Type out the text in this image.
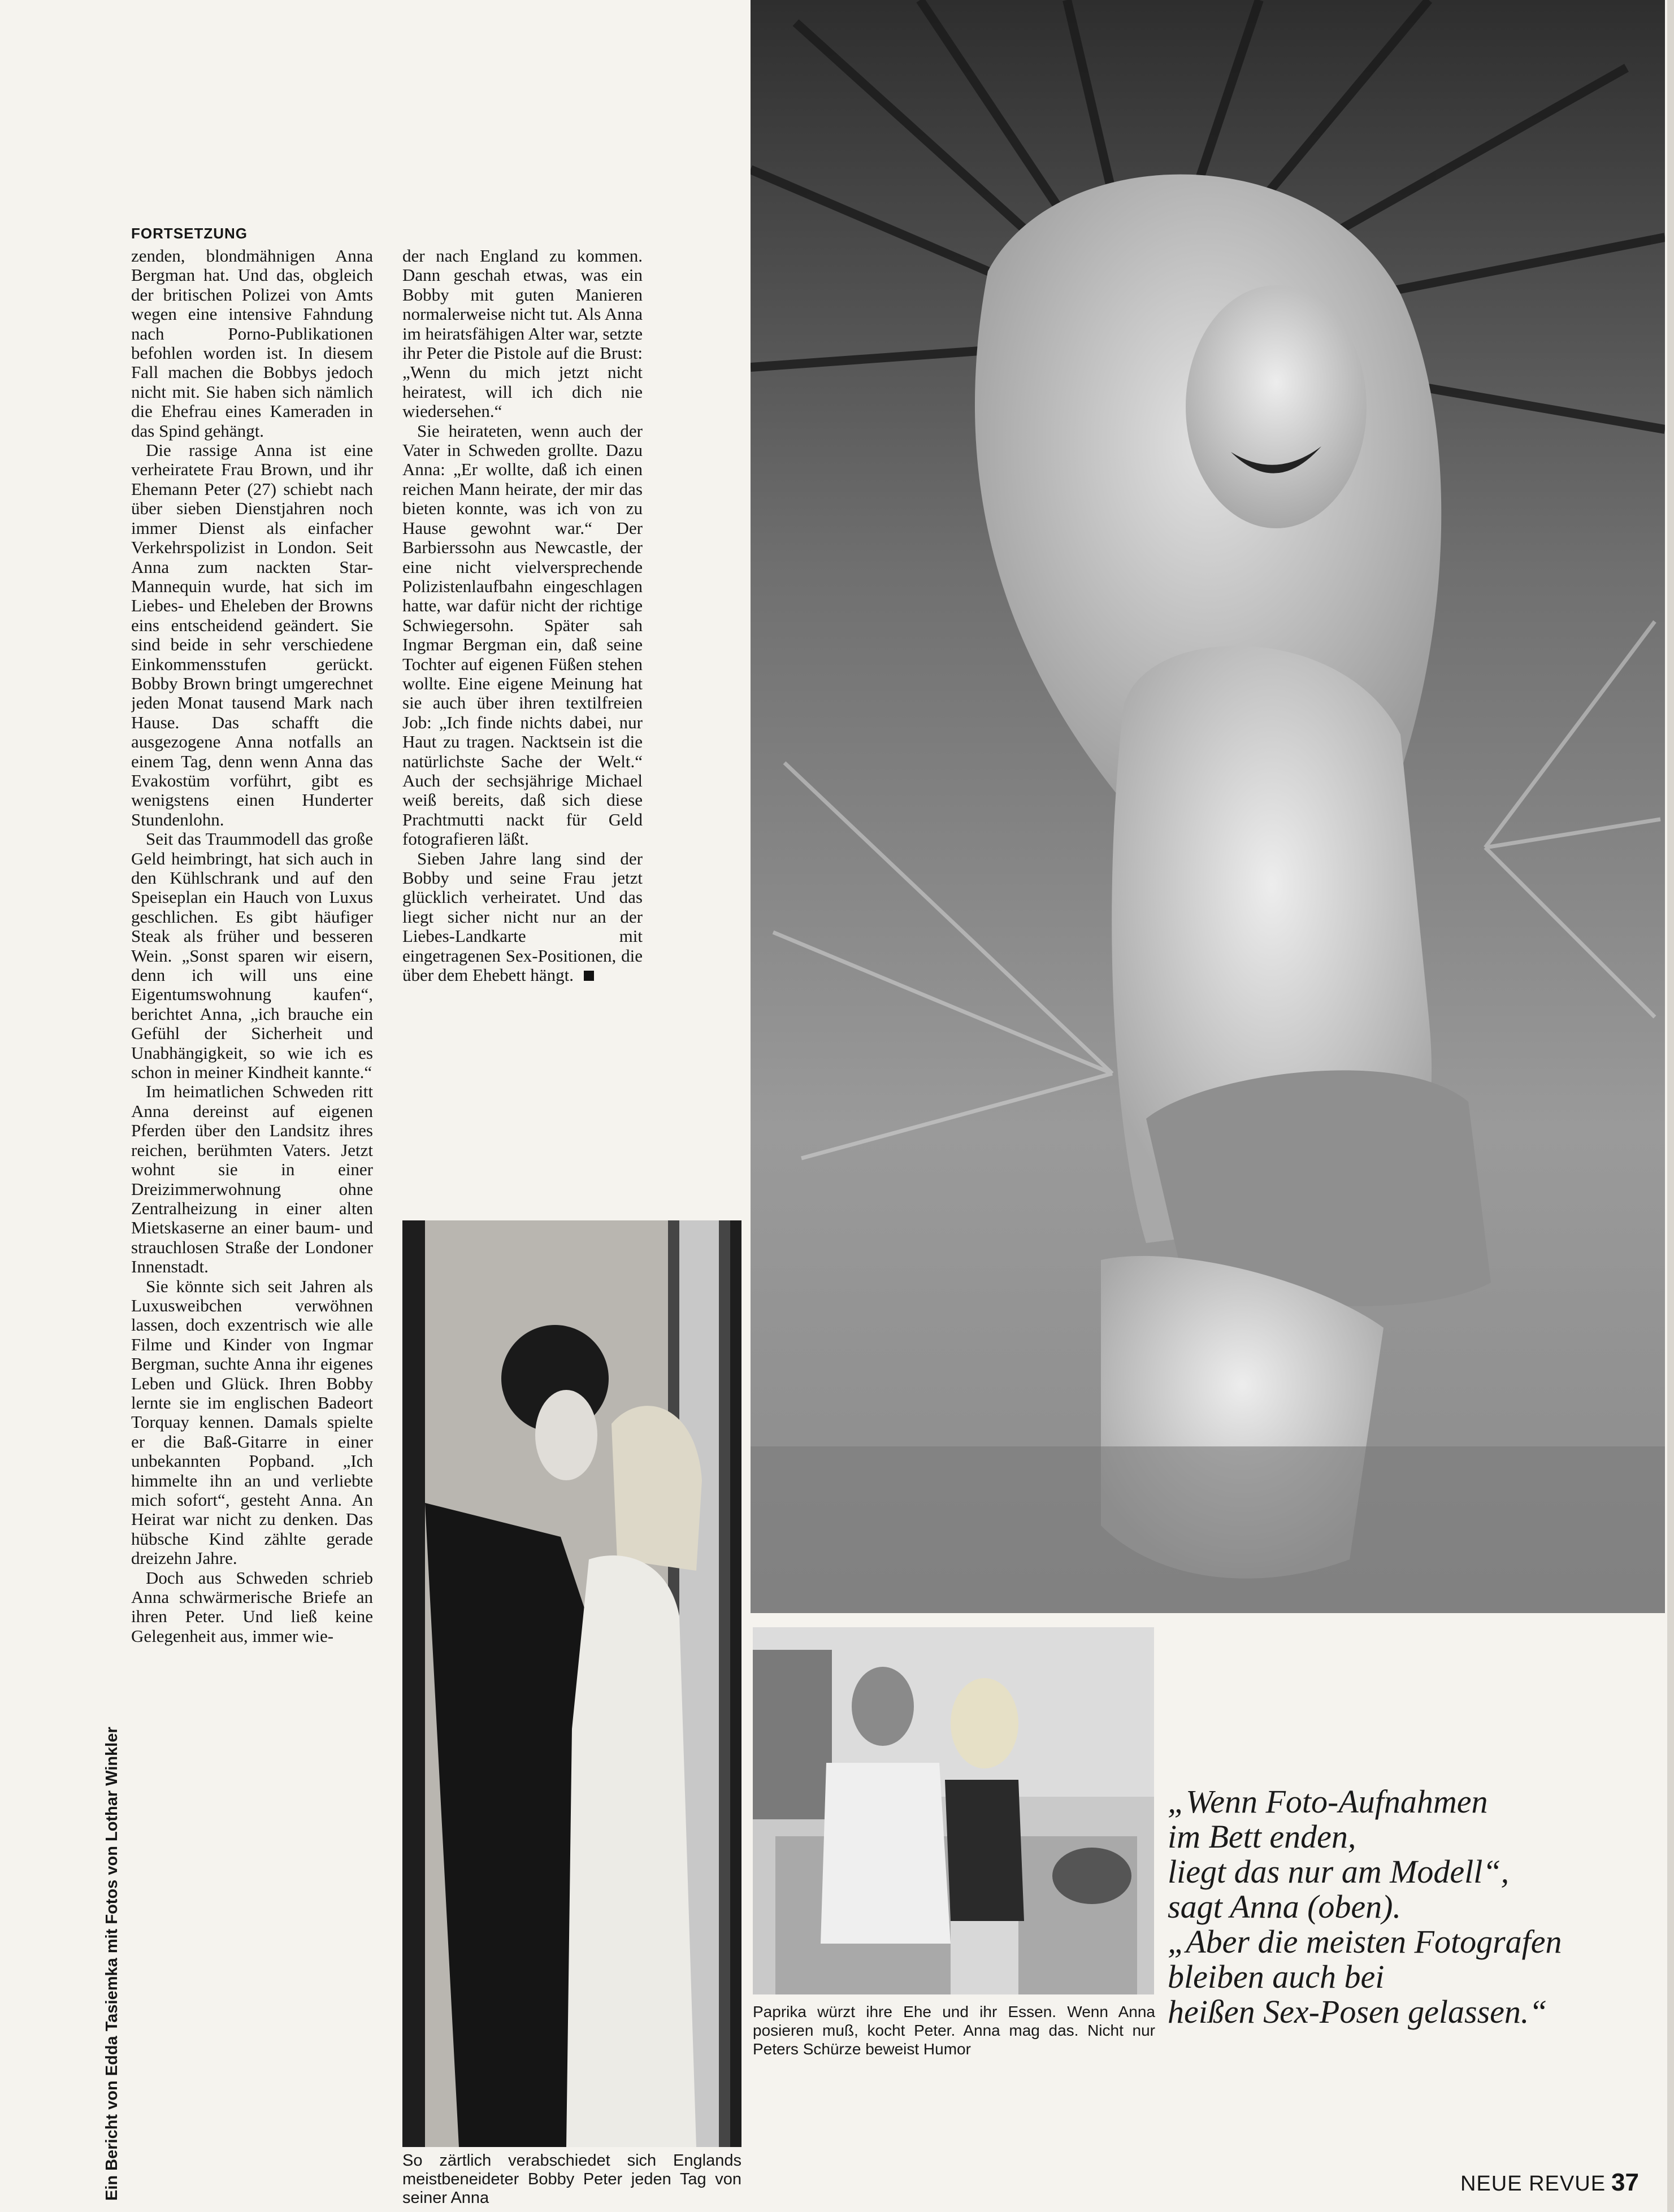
FORTSETZUNG

zenden, blondmähnigen Anna Bergman hat. Und das, obgleich der britischen Polizei von Amts wegen eine intensive Fahndung nach Porno-Publikationen befohlen worden ist. In diesem Fall machen die Bobbys jedoch nicht mit. Sie haben sich nämlich die Ehefrau eines Kameraden in das Spind gehängt.

Die rassige Anna ist eine verheiratete Frau Brown, und ihr Ehemann Peter (27) schiebt nach über sieben Dienstjahren noch immer Dienst als einfacher Verkehrspolizist in London. Seit Anna zum nackten Star-Mannequin wurde, hat sich im Liebes- und Eheleben der Browns eins entscheidend geändert. Sie sind beide in sehr verschiedene Einkommensstufen gerückt. Bobby Brown bringt umgerechnet jeden Monat tausend Mark nach Hause. Das schafft die ausgezogene Anna notfalls an einem Tag, denn wenn Anna das Evakostüm vorführt, gibt es wenigstens einen Hunderter Stundenlohn.

Seit das Traummodell das große Geld heimbringt, hat sich auch in den Kühlschrank und auf den Speiseplan ein Hauch von Luxus geschlichen. Es gibt häufiger Steak als früher und besseren Wein. „Sonst sparen wir eisern, denn ich will uns eine Eigentumswohnung kaufen“, berichtet Anna, „ich brauche ein Gefühl der Sicherheit und Unabhängigkeit, so wie ich es schon in meiner Kindheit kannte.“

Im heimatlichen Schweden ritt Anna dereinst auf eigenen Pferden über den Landsitz ihres reichen, berühmten Vaters. Jetzt wohnt sie in einer Dreizimmerwohnung ohne Zentralheizung in einer alten Mietskaserne an einer baum- und strauchlosen Straße der Londoner Innenstadt.

Sie könnte sich seit Jahren als Luxusweibchen verwöhnen lassen, doch exzentrisch wie alle Filme und Kinder von Ingmar Bergman, suchte Anna ihr eigenes Leben und Glück. Ihren Bobby lernte sie im englischen Badeort Torquay kennen. Damals spielte er die Baß-Gitarre in einer unbekannten Popband. „Ich himmelte ihn an und verliebte mich sofort“, gesteht Anna. An Heirat war nicht zu denken. Das hübsche Kind zählte gerade dreizehn Jahre.

Doch aus Schweden schrieb Anna schwärmerische Briefe an ihren Peter. Und ließ keine Gelegenheit aus, immer wie-

der nach England zu kommen. Dann geschah etwas, was ein Bobby mit guten Manieren normalerweise nicht tut. Als Anna im heiratsfähigen Alter war, setzte ihr Peter die Pistole auf die Brust: „Wenn du mich jetzt nicht heiratest, will ich dich nie wiedersehen.“

Sie heirateten, wenn auch der Vater in Schweden grollte. Dazu Anna: „Er wollte, daß ich einen reichen Mann heirate, der mir das bieten konnte, was ich von zu Hause gewohnt war.“ Der Barbierssohn aus Newcastle, der eine nicht vielversprechende Polizistenlaufbahn eingeschlagen hatte, war dafür nicht der richtige Schwiegersohn. Später sah Ingmar Bergman ein, daß seine Tochter auf eigenen Füßen stehen wollte. Eine eigene Meinung hat sie auch über ihren textilfreien Job: „Ich finde nichts dabei, nur Haut zu tragen. Nacktsein ist die natürlichste Sache der Welt.“ Auch der sechsjährige Michael weiß bereits, daß sich diese Prachtmutti nackt für Geld fotografieren läßt.

Sieben Jahre lang sind der Bobby und seine Frau jetzt glücklich verheiratet. Und das liegt sicher nicht nur an der Liebes-Landkarte mit eingetragenen Sex-Positionen, die über dem Ehebett hängt.

Ein Bericht von Edda Tasiemka mit Fotos von Lothar Winkler	So zärtlich verabschiedet sich Englands meistbeneideter Bobby Peter jeden Tag von seiner Anna
Paprika würzt ihre Ehe und ihr Essen. Wenn Anna posieren muß, kocht Peter. Anna mag das. Nicht nur Peters Schürze beweist Humor
„Wenn Foto-Aufnahmen
im Bett enden,
liegt das nur am Modell“,
sagt Anna (oben).
„Aber die meisten Fotografen
bleiben auch bei
heißen Sex-Posen gelassen.“
NEUE REVUE 37
